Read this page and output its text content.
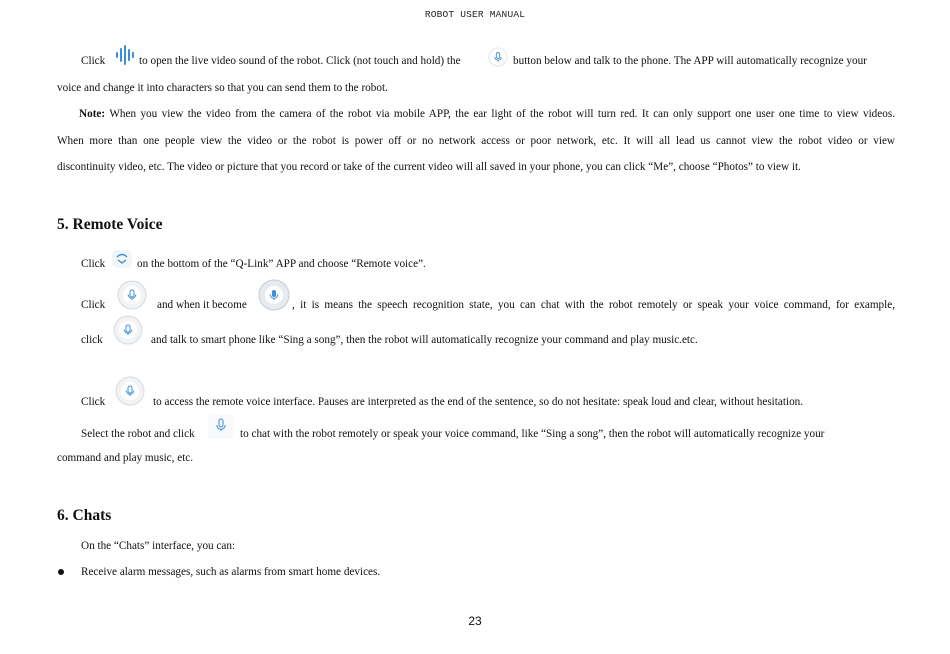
ROBOT USER MANUAL
Click	to open the live video sound of the robot. Click (not touch and hold) the	button below and talk to the phone. The APP will automatically recognize your
voice and change it into characters so that you can send them to the robot.
Note: When you view the video from the camera of the robot via mobile APP, the ear light of the robot will turn red. It can only support one user one time to view videos.
When more than one people view the video or the robot is power off or no network access or poor network, etc. It will all lead us cannot view the robot video or view
discontinuity video, etc. The video or picture that you record or take of the current video will all saved in your phone, you can click “Me”, choose “Photos” to view it.
5. Remote Voice
Click	on the bottom of the “Q-Link” APP and choose “Remote voice”.
Click	and when it become	, it is means the speech recognition state, you can chat with the robot remotely or speak your voice command, for example,
click	and talk to smart phone like “Sing a song”, then the robot will automatically recognize your command and play music.etc.
Click	to access the remote voice interface. Pauses are interpreted as the end of the sentence, so do not hesitate: speak loud and clear, without hesitation.
Select the robot and click	to chat with the robot remotely or speak your voice command, like “Sing a song”, then the robot will automatically recognize your
command and play music, etc.
6. Chats
On the “Chats” interface, you can:
Receive alarm messages, such as alarms from smart home devices.
23
